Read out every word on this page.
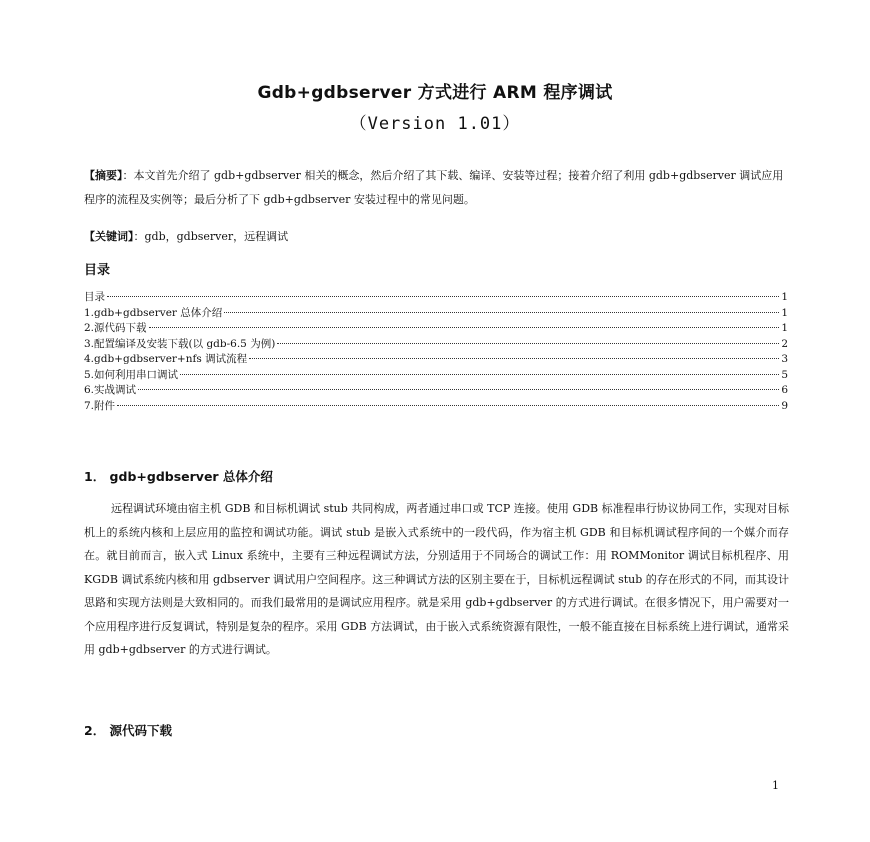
Gdb+gdbserver 方式进行 ARM 程序调试
（Version 1.01）
【摘要】：本文首先介绍了 gdb+gdbserver 相关的概念，然后介绍了其下载、编译、安装等过程；接着介绍了利用 gdb+gdbserver 调试应用程序的流程及实例等；最后分析了下 gdb+gdbserver 安装过程中的常见问题。
【关键词】：gdb，gdbserver，远程调试
目录
目录	1
1.gdb+gdbserver 总体介绍	1
2.源代码下载	1
3.配置编译及安装下载(以 gdb-6.5 为例)	2
4.gdb+gdbserver+nfs 调试流程	3
5.如何利用串口调试	5
6.实战调试	6
7.附件	9
1． gdb+gdbserver 总体介绍
远程调试环境由宿主机 GDB 和目标机调试 stub 共同构成，两者通过串口或 TCP 连接。使用 GDB 标准程串行协议协同工作，实现对目标机上的系统内核和上层应用的监控和调试功能。调试 stub 是嵌入式系统中的一段代码，作为宿主机 GDB 和目标机调试程序间的一个媒介而存在。就目前而言，嵌入式 Linux 系统中，主要有三种远程调试方法，分别适用于不同场合的调试工作：用 ROMMonitor 调试目标机程序、用 KGDB 调试系统内核和用 gdbserver 调试用户空间程序。这三种调试方法的区别主要在于，目标机远程调试 stub 的存在形式的不同，而其设计思路和实现方法则是大致相同的。而我们最常用的是调试应用程序。就是采用 gdb+gdbserver 的方式进行调试。在很多情况下，用户需要对一个应用程序进行反复调试，特别是复杂的程序。采用 GDB 方法调试，由于嵌入式系统资源有限性，一般不能直接在目标系统上进行调试，通常采用 gdb+gdbserver 的方式进行调试。
2． 源代码下载
1
